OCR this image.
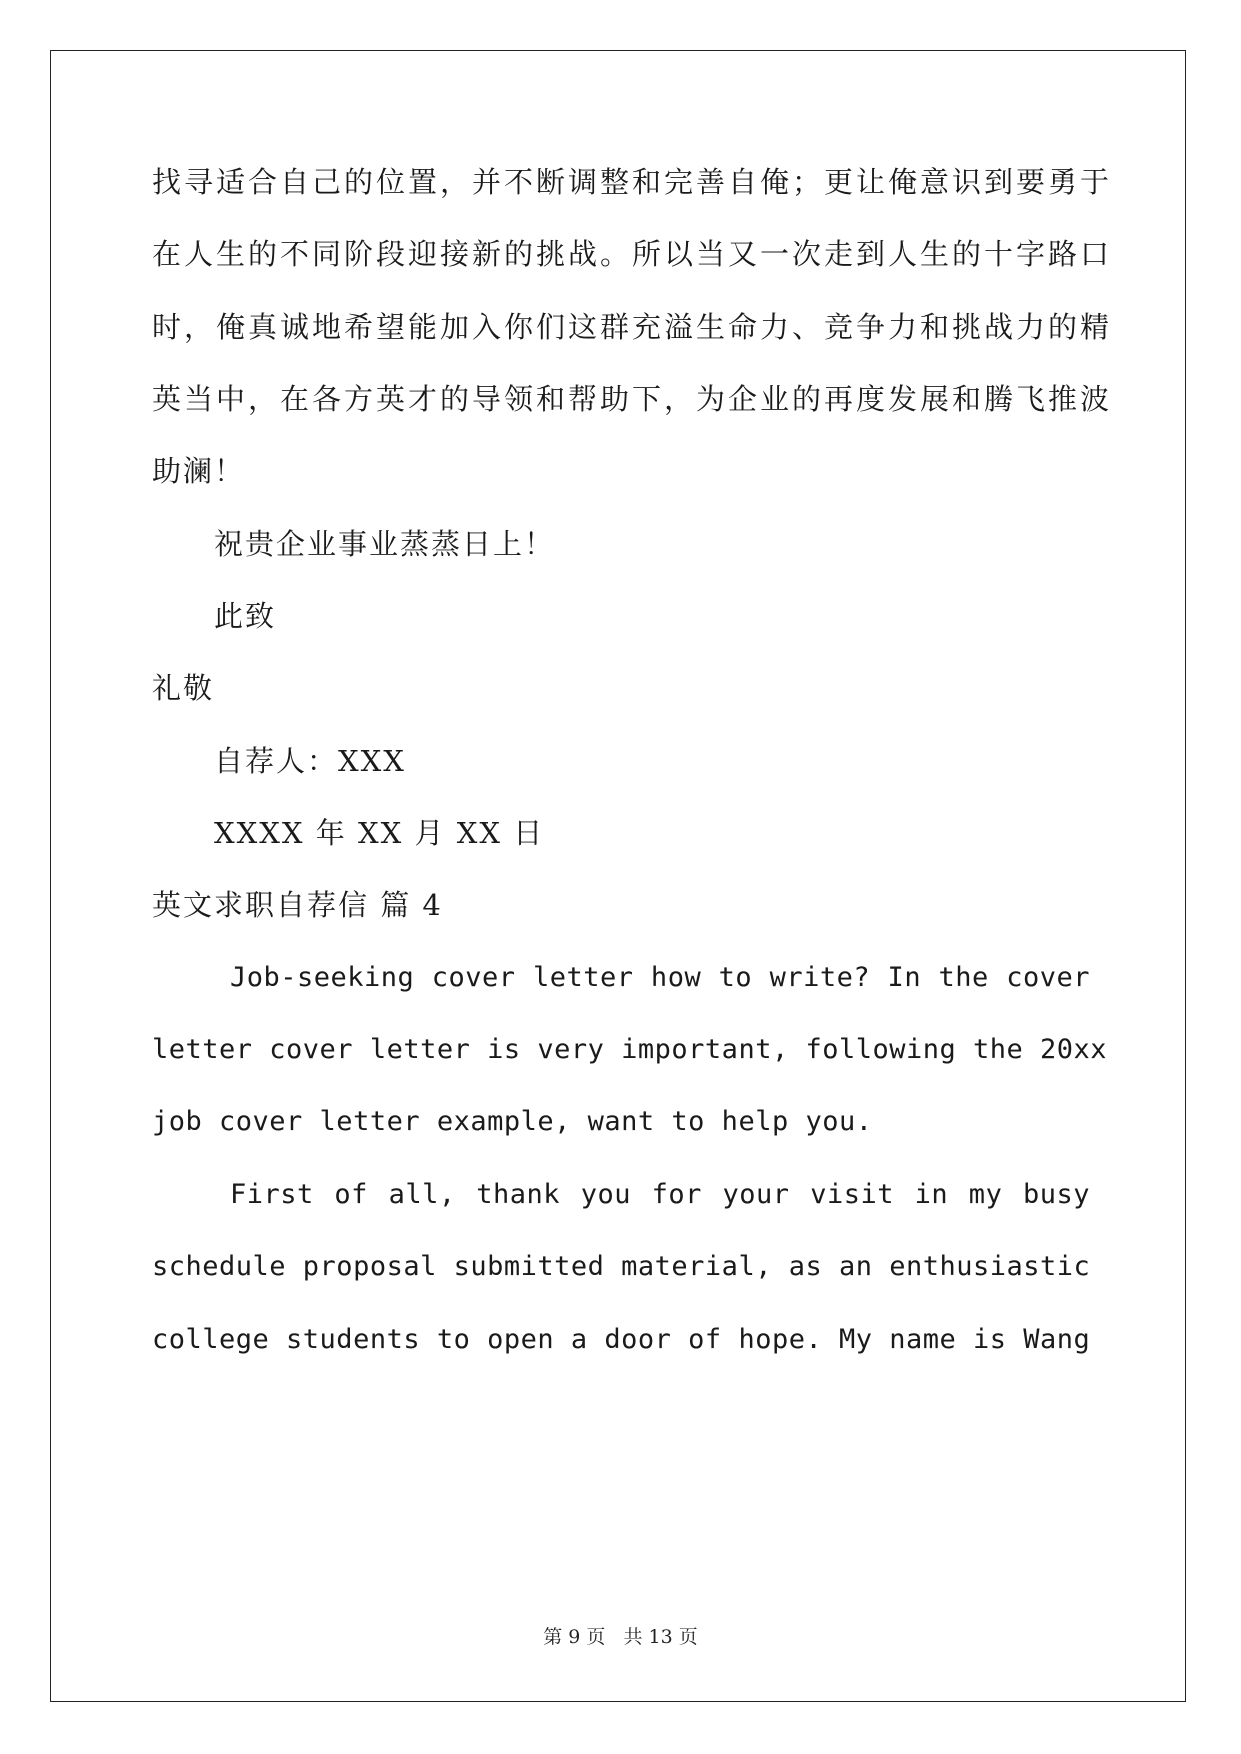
找寻适合自己的位置，并不断调整和完善自俺；更让俺意识到要勇于
在人生的不同阶段迎接新的挑战。所以当又一次走到人生的十字路口
时，俺真诚地希望能加入你们这群充溢生命力、竞争力和挑战力的精
英当中，在各方英才的导领和帮助下，为企业的再度发展和腾飞推波
助澜！
祝贵企业事业蒸蒸日上！
此致
礼敬
自荐人：XXX
XXXX 年 XX 月 XX 日
英文求职自荐信 篇 4
Job-seeking cover letter how to write? In the cover
letter cover letter is very important, following the 20xx
job cover letter example, want to help you.
First of all, thank you for your visit in my busy
schedule proposal submitted material, as an enthusiastic
college students to open a door of hope. My name is Wang
第 9 页 共 13 页
